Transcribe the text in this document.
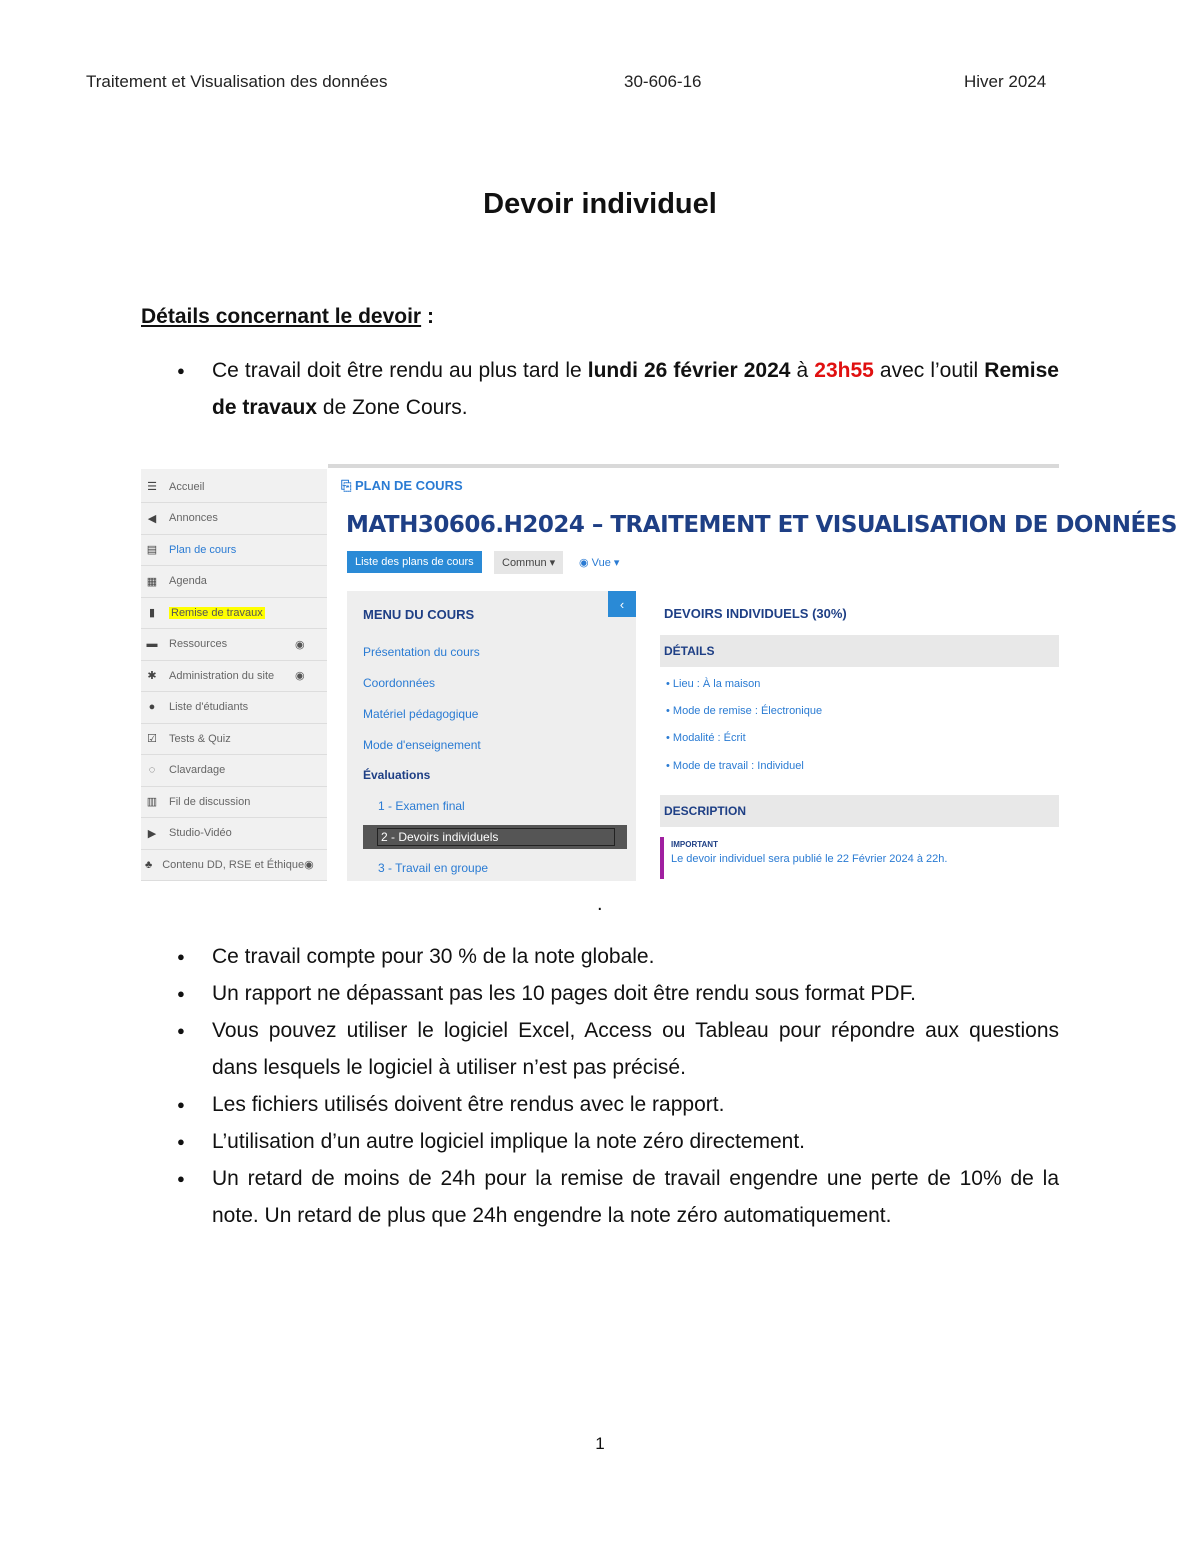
Traitement et Visualisation des données	30-606-16	Hiver 2024
Devoir individuel
Détails concernant le devoir :
● Ce travail doit être rendu au plus tard le lundi 26 février 2024 à 23h55 avec l’outil Remise de travaux de Zone Cours.
☰ Accueil
◀ Annonces
▤ Plan de cours
▦ Agenda
▮	Remise de travaux
▬ Ressources	◉
✱ Administration du site	◉
●	Liste d'étudiants
☑ Tests & Quiz
◌	Clavardage
▥ Fil de discussion
▶ Studio-Vidéo
♣ Contenu DD, RSE et Éthique ◉
⎘ PLAN DE COURS
MATH30606.H2024 – TRAITEMENT ET VISUALISATION DE DONNÉES
Liste des plans de cours	Commun ▾	◉ Vue ▾
MENU DU COURS
‹
Présentation du cours
Coordonnées
Matériel pédagogique
Mode d'enseignement
Évaluations
1 - Examen final
2 - Devoirs individuels
3 - Travail en groupe
DEVOIRS INDIVIDUELS (30%)
DÉTAILS
• Lieu : À la maison
• Mode de remise : Électronique
• Modalité : Écrit
• Mode de travail : Individuel
DESCRIPTION
IMPORTANT
Le devoir individuel sera publié le 22 Février 2024 à 22h.
.
● Ce travail compte pour 30 % de la note globale.
● Un rapport ne dépassant pas les 10 pages doit être rendu sous format PDF.
● Vous pouvez utiliser le logiciel Excel, Access ou Tableau pour répondre aux questions dans lesquels le logiciel à utiliser n’est pas précisé.
● Les fichiers utilisés doivent être rendus avec le rapport.
● L’utilisation d’un autre logiciel implique la note zéro directement.
● Un retard de moins de 24h pour la remise de travail engendre une perte de 10% de la note. Un retard de plus que 24h engendre la note zéro automatiquement.
1
